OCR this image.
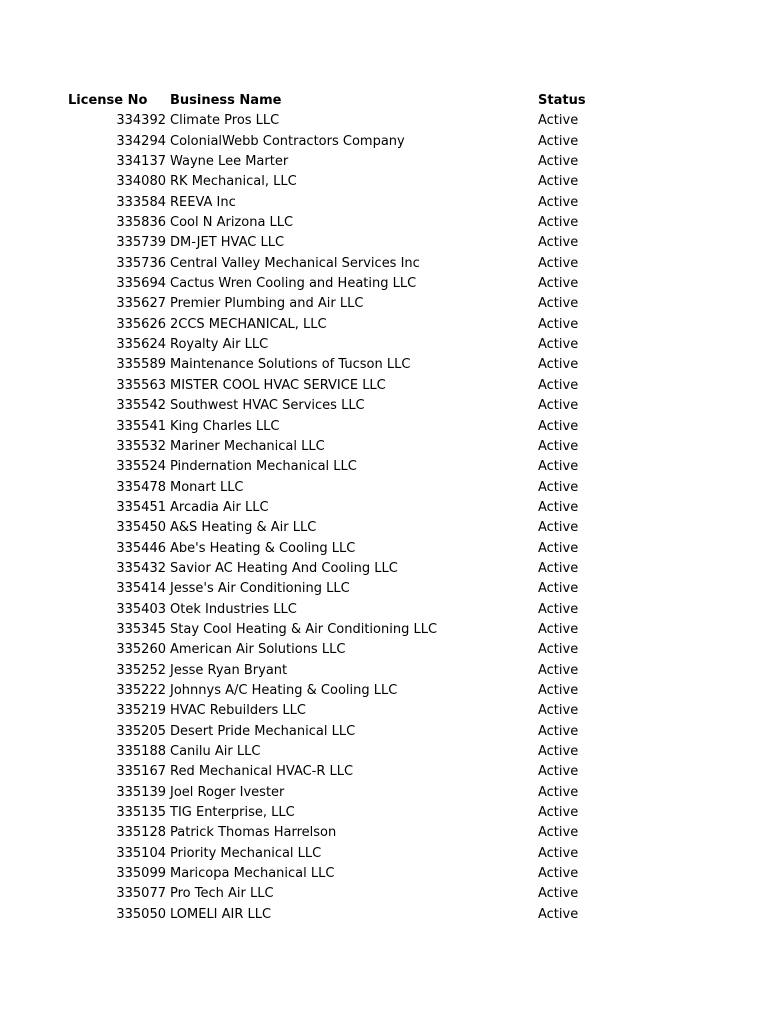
License No Business Name	Status
334392 Climate Pros LLC	Active
334294 ColonialWebb Contractors Company	Active
334137 Wayne Lee Marter	Active
334080 RK Mechanical, LLC	Active
333584 REEVA Inc	Active
335836 Cool N Arizona LLC	Active
335739 DM-JET HVAC LLC	Active
335736 Central Valley Mechanical Services Inc	Active
335694 Cactus Wren Cooling and Heating LLC	Active
335627 Premier Plumbing and Air LLC	Active
335626 2CCS MECHANICAL, LLC	Active
335624 Royalty Air LLC	Active
335589 Maintenance Solutions of Tucson LLC	Active
335563 MISTER COOL HVAC SERVICE LLC	Active
335542 Southwest HVAC Services LLC	Active
335541 King Charles LLC	Active
335532 Mariner Mechanical LLC	Active
335524 Pindernation Mechanical LLC	Active
335478 Monart LLC	Active
335451 Arcadia Air LLC	Active
335450 A&S Heating & Air LLC	Active
335446 Abe's Heating & Cooling LLC	Active
335432 Savior AC Heating And Cooling LLC	Active
335414 Jesse's Air Conditioning LLC	Active
335403 Otek Industries LLC	Active
335345 Stay Cool Heating & Air Conditioning LLC	Active
335260 American Air Solutions LLC	Active
335252 Jesse Ryan Bryant	Active
335222 Johnnys A/C Heating & Cooling LLC	Active
335219 HVAC Rebuilders LLC	Active
335205 Desert Pride Mechanical LLC	Active
335188 Canilu Air LLC	Active
335167 Red Mechanical HVAC-R LLC	Active
335139 Joel Roger Ivester	Active
335135 TIG Enterprise, LLC	Active
335128 Patrick Thomas Harrelson	Active
335104 Priority Mechanical LLC	Active
335099 Maricopa Mechanical LLC	Active
335077 Pro Tech Air LLC	Active
335050 LOMELI AIR LLC	Active
